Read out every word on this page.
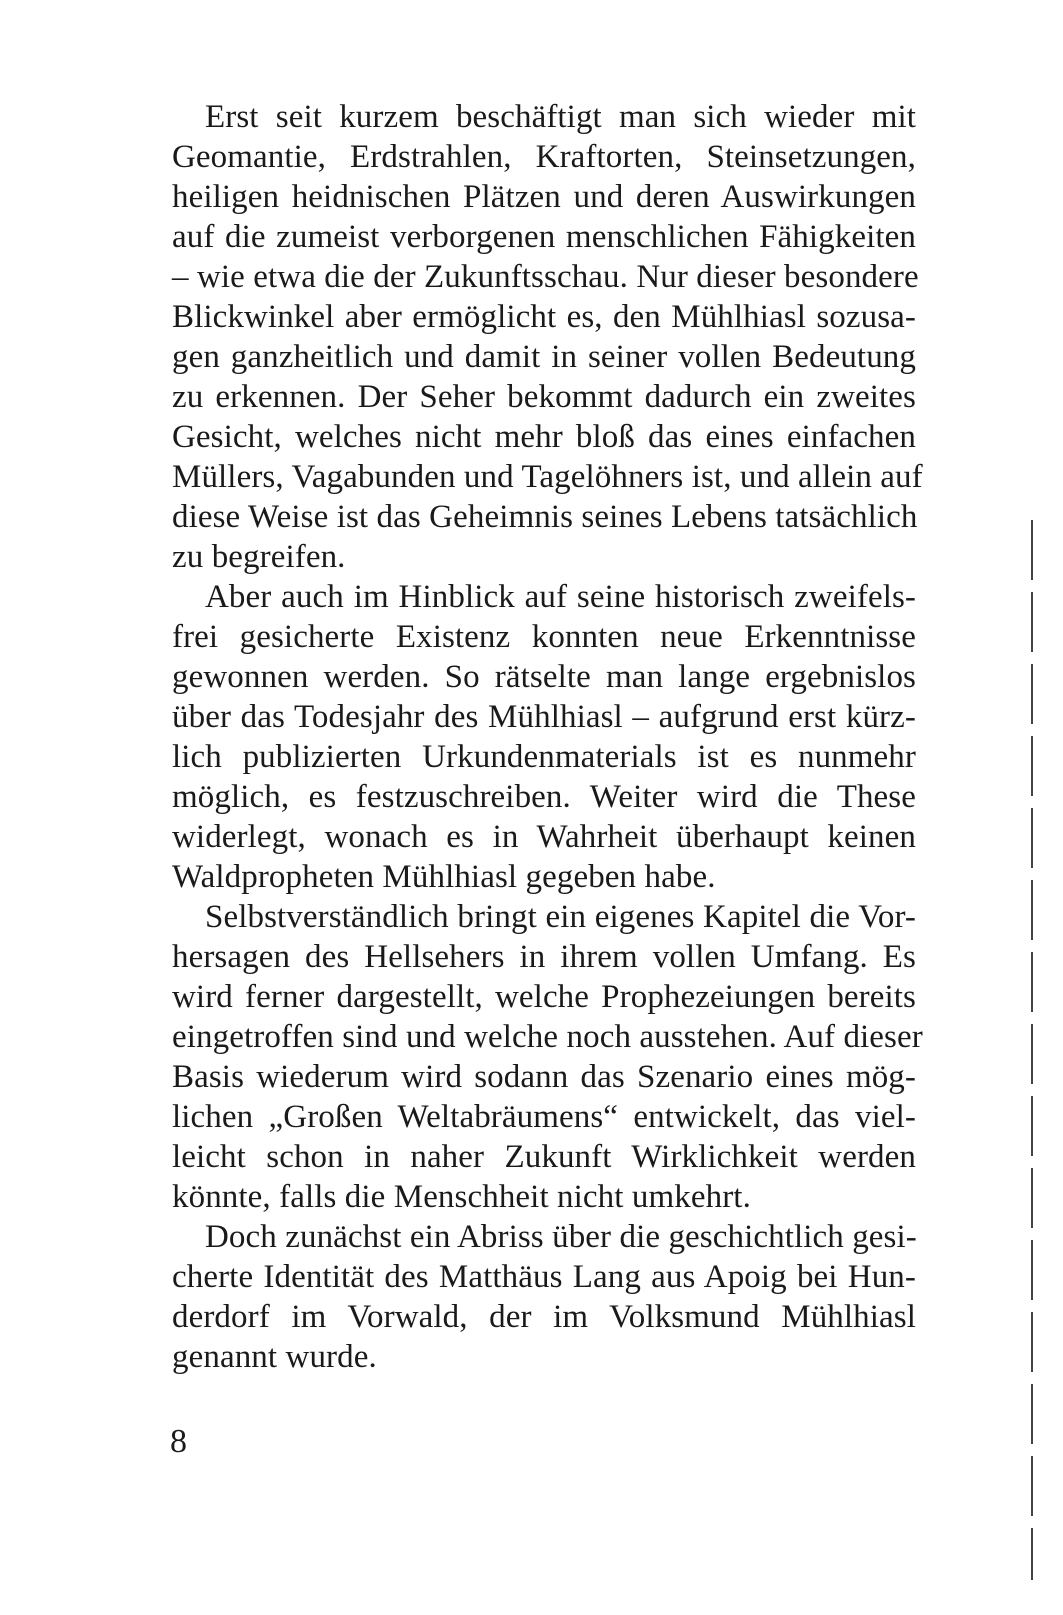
Erst seit kurzem beschäftigt man sich wieder mit
Geomantie, Erdstrahlen, Kraftorten, Steinsetzungen,
heiligen heidnischen Plätzen und deren Auswirkungen
auf die zumeist verborgenen menschlichen Fähigkeiten
– wie etwa die der Zukunftsschau. Nur dieser besondere
Blickwinkel aber ermöglicht es, den Mühlhiasl sozusa-
gen ganzheitlich und damit in seiner vollen Bedeutung
zu erkennen. Der Seher bekommt dadurch ein zweites
Gesicht, welches nicht mehr bloß das eines einfachen
Müllers, Vagabunden und Tagelöhners ist, und allein auf
diese Weise ist das Geheimnis seines Lebens tatsächlich
zu begreifen.
Aber auch im Hinblick auf seine historisch zweifels-
frei gesicherte Existenz konnten neue Erkenntnisse
gewonnen werden. So rätselte man lange ergebnislos
über das Todesjahr des Mühlhiasl – aufgrund erst kürz-
lich publizierten Urkundenmaterials ist es nunmehr
möglich, es festzuschreiben. Weiter wird die These
widerlegt, wonach es in Wahrheit überhaupt keinen
Waldpropheten Mühlhiasl gegeben habe.
Selbstverständlich bringt ein eigenes Kapitel die Vor-
hersagen des Hellsehers in ihrem vollen Umfang. Es
wird ferner dargestellt, welche Prophezeiungen bereits
eingetroffen sind und welche noch ausstehen. Auf dieser
Basis wiederum wird sodann das Szenario eines mög-
lichen „Großen Weltabräumens“ entwickelt, das viel-
leicht schon in naher Zukunft Wirklichkeit werden
könnte, falls die Menschheit nicht umkehrt.
Doch zunächst ein Abriss über die geschichtlich gesi-
cherte Identität des Matthäus Lang aus Apoig bei Hun-
derdorf im Vorwald, der im Volksmund Mühlhiasl
genannt wurde.
8
